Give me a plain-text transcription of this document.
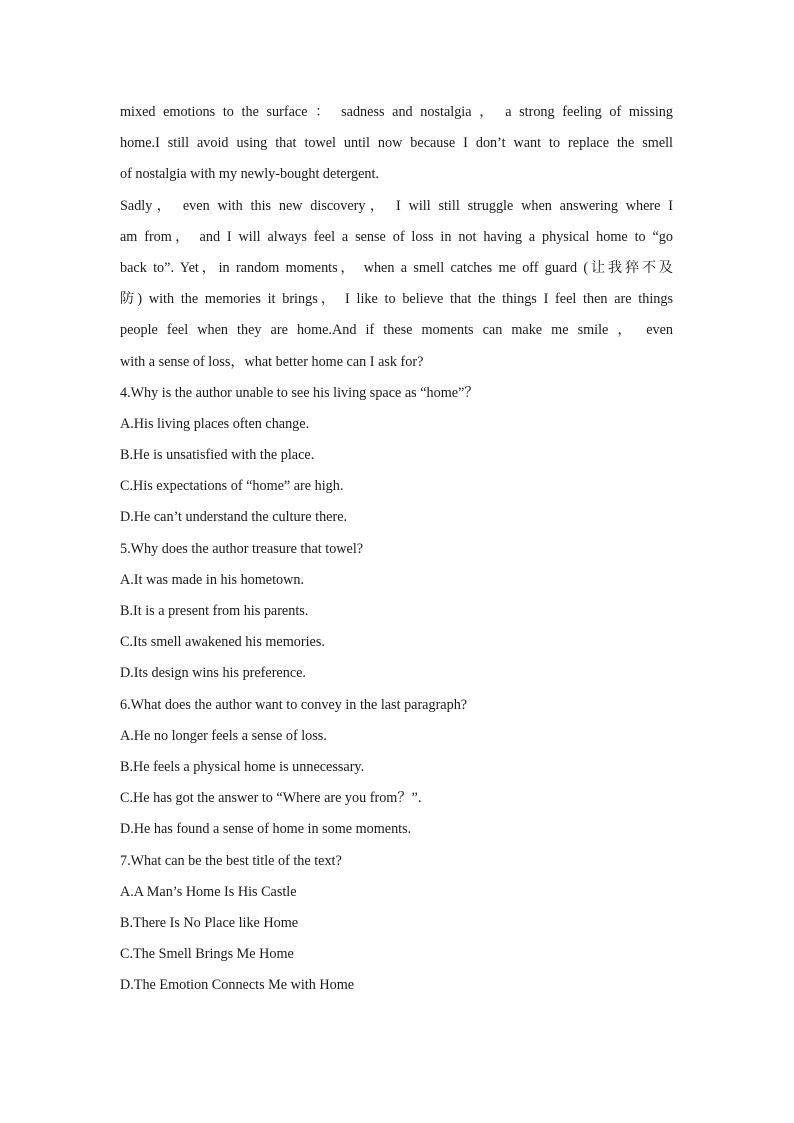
mixed emotions to the surface ： sadness and nostalgia ， a strong feeling of missing
home.I still avoid using that towel until now because I don’t want to replace the smell
of nostalgia with my newly-bought detergent.
Sadly， even with this new discovery， I will still struggle when answering where I
am from， and I will always feel a sense of loss in not having a physical home to “go
back to”. Yet，in random moments， when a smell catches me off guard (让我猝不及
防) with the memories it brings， I like to believe that the things I feel then are things
people feel when they are home.And if these moments can make me smile ， even
with a sense of loss，what better home can I ask for?
4.Why is the author unable to see his living space as “home”？
A.His living places often change.
B.He is unsatisfied with the place.
C.His expectations of “home” are high.
D.He can’t understand the culture there.
5.Why does the author treasure that towel?
A.It was made in his hometown.
B.It is a present from his parents.
C.Its smell awakened his memories.
D.Its design wins his preference.
6.What does the author want to convey in the last paragraph?
A.He no longer feels a sense of loss.
B.He feels a physical home is unnecessary.
C.He has got the answer to “Where are you from？”.
D.He has found a sense of home in some moments.
7.What can be the best title of the text?
A.A Man’s Home Is His Castle
B.There Is No Place like Home
C.The Smell Brings Me Home
D.The Emotion Connects Me with Home
